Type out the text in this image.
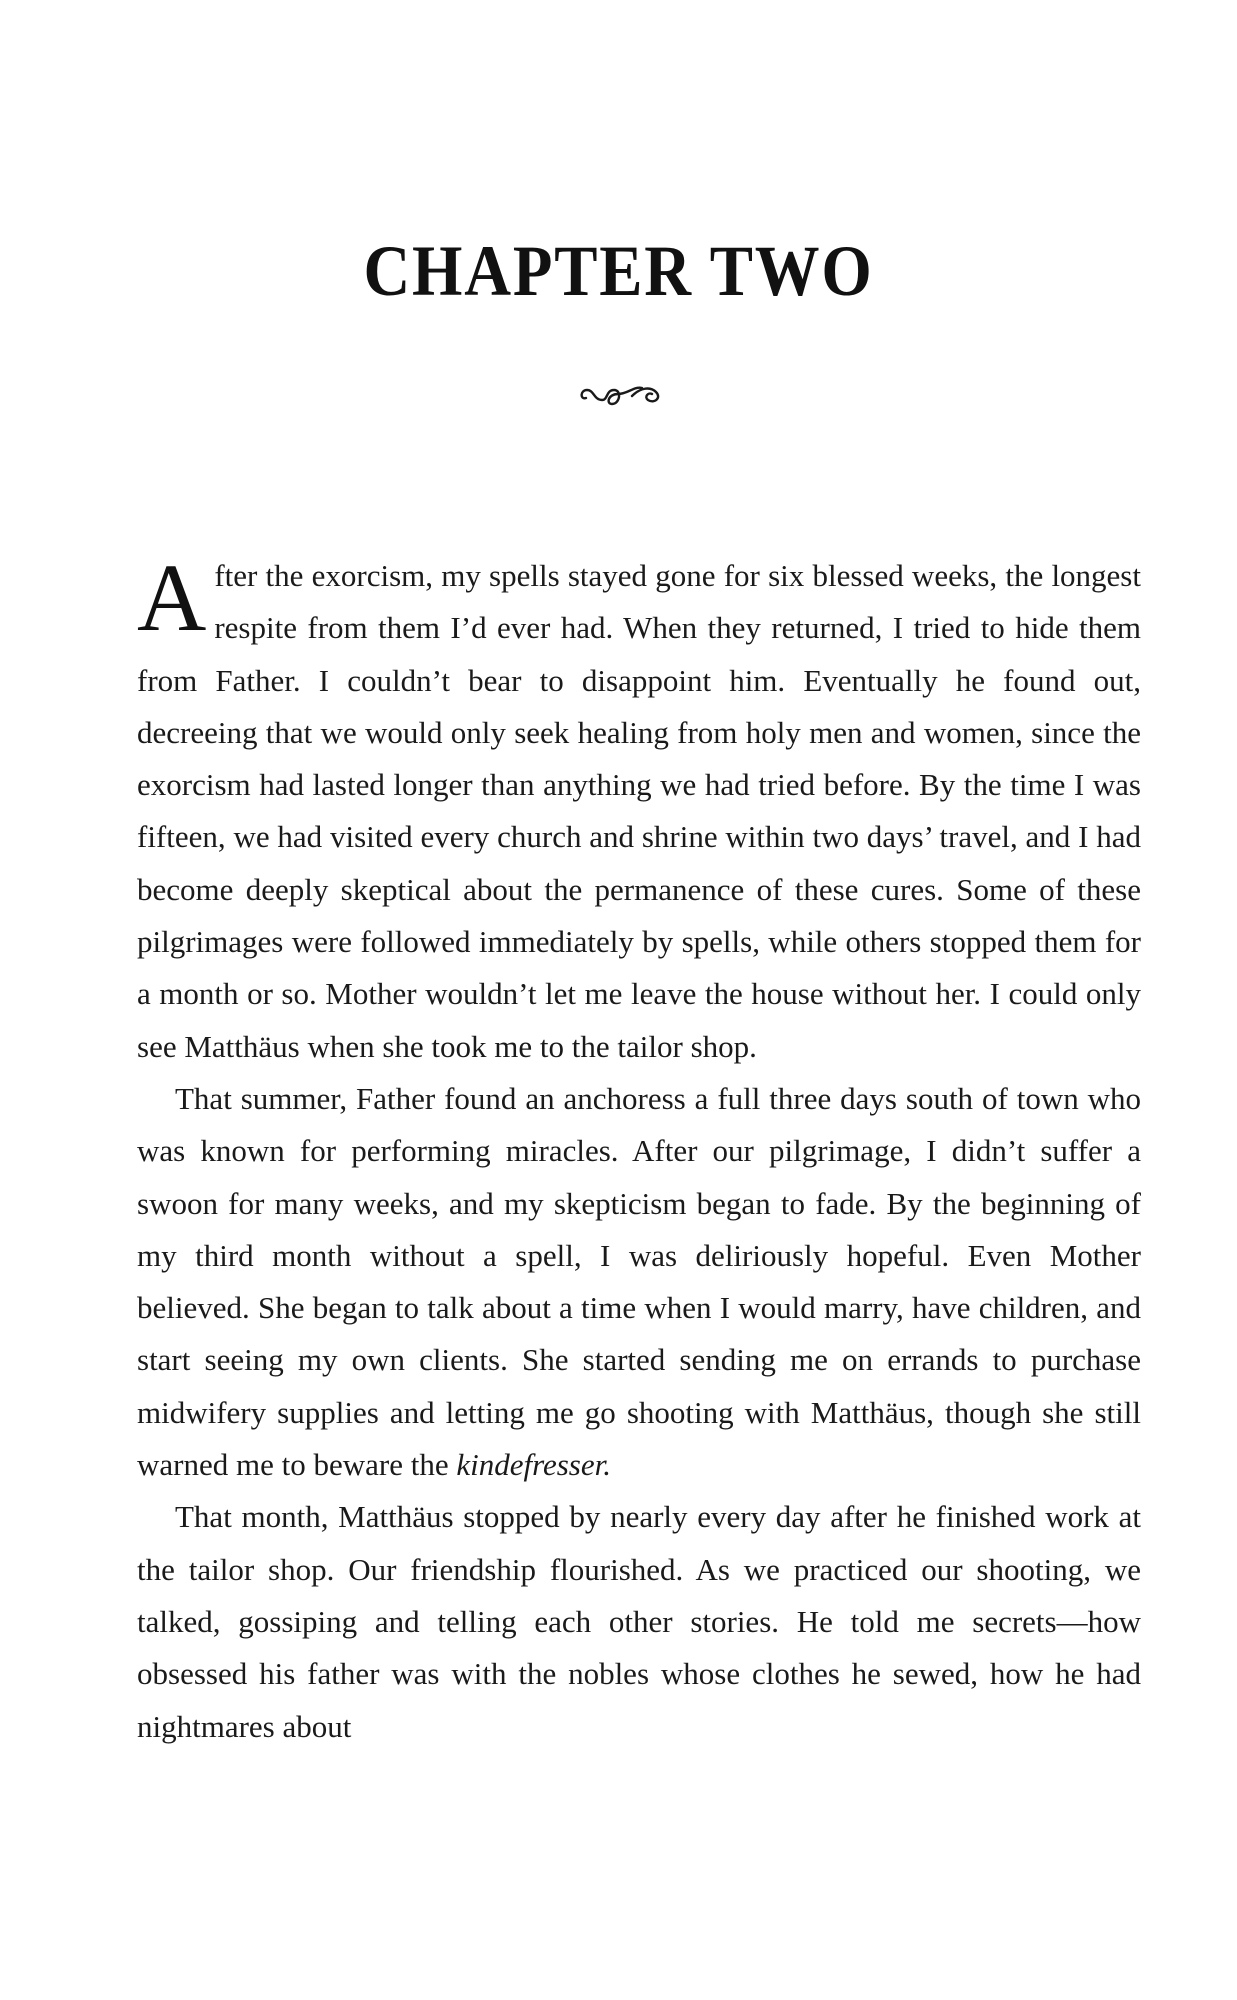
CHAPTER TWO

After the exorcism, my spells stayed gone for six blessed weeks, the longest respite from them I’d ever had. When they returned, I tried to hide them from Father. I couldn’t bear to disappoint him. Eventually he found out, decreeing that we would only seek healing from holy men and women, since the exorcism had lasted longer than anything we had tried before. By the time I was fifteen, we had visited every church and shrine within two days’ travel, and I had become deeply skeptical about the permanence of these cures. Some of these pilgrimages were followed immediately by spells, while others stopped them for a month or so. Mother wouldn’t let me leave the house without her. I could only see Matthäus when she took me to the tailor shop.

That summer, Father found an anchoress a full three days south of town who was known for performing miracles. After our pilgrimage, I didn’t suffer a swoon for many weeks, and my skepticism began to fade. By the beginning of my third month without a spell, I was deliriously hopeful. Even Mother believed. She began to talk about a time when I would marry, have children, and start seeing my own clients. She started sending me on errands to purchase midwifery supplies and letting me go shooting with Matthäus, though she still warned me to beware the kindefresser.

That month, Matthäus stopped by nearly every day after he finished work at the tailor shop. Our friendship flourished. As we practiced our shooting, we talked, gossiping and telling each other stories. He told me secrets—how obsessed his father was with the nobles whose clothes he sewed, how he had nightmares about
